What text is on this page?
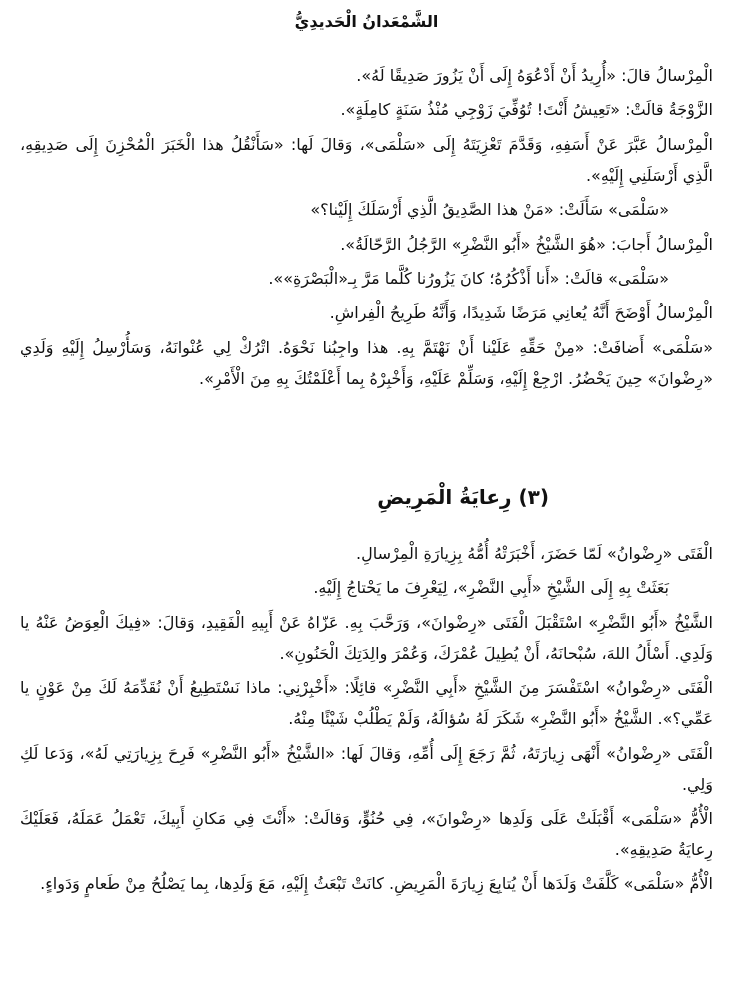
الشَّمْعَدانُ الْحَديدِيُّ

الْمِرْسالُ قالَ: «أُرِيدُ أَنْ أَدْعُوَهُ إِلَى أَنْ يَزُورَ صَدِيقًا لَهُ».

الزَّوْجَةُ قالَتْ: «تَعِيشُ أَنْتَ! تُوُفِّيَ زَوْجِي مُنْذُ سَنَةٍ كامِلَةٍ».

الْمِرْسالُ عَبَّرَ عَنْ أَسَفِهِ، وَقَدَّمَ تَعْزِيَتَهُ إِلَى «سَلْمَى»، وَقالَ لَها: «سَأَنْقُلُ هذا الْخَبَرَ الْمُحْزِنَ إِلَى صَدِيقِهِ، الَّذِي أَرْسَلَنِي إِلَيْهِ».

«سَلْمَى» سَأَلَتْ: «مَنْ هذا الصَّدِيقُ الَّذِي أَرْسَلَكَ إِلَيْنا؟»

الْمِرْسالُ أَجابَ: «هُوَ الشَّيْخُ «أَبُو النَّضْرِ» الرَّجُلُ الرَّحّالَةُ».

«سَلْمَى» قالَتْ: «أَنا أَذْكُرُهُ؛ كانَ يَزُورُنا كُلَّما مَرَّ بِـ«الْبَصْرَةِ»».

الْمِرْسالُ أَوْضَحَ أَنَّهُ يُعانِي مَرَضًا شَدِيدًا، وَأَنَّهُ طَرِيحُ الْفِراشِ.

«سَلْمَى» أَضافَتْ: «مِنْ حَقِّهِ عَلَيْنا أَنْ نَهْتَمَّ بِهِ. هذا واجِبُنا نَحْوَهُ. اتْرُكْ لِي عُنْوانَهُ، وَسَأُرْسِلُ إِلَيْهِ وَلَدِي «رِضْوانَ» حِينَ يَحْضُرُ. ارْجِعْ إِلَيْهِ، وَسَلِّمْ عَلَيْهِ، وَأَخْبِرْهُ بِما أَعْلَمْتُكَ بِهِ مِنَ الْأَمْرِ».

(٣) رِعايَةُ الْمَرِيضِ

الْفَتَى «رِضْوانُ» لَمّا حَضَرَ، أَخْبَرَتْهُ أُمُّهُ بِزِيارَةِ الْمِرْسالِ.

بَعَثَتْ بِهِ إِلَى الشَّيْخِ «أَبِي النَّضْرِ»، لِيَعْرِفَ ما يَحْتاجُ إِلَيْهِ.

الشَّيْخُ «أَبُو النَّضْرِ» اسْتَقْبَلَ الْفَتَى «رِضْوانَ»، وَرَحَّبَ بِهِ. عَزّاهُ عَنْ أَبِيهِ الْفَقِيدِ، وَقالَ: «فِيكَ الْعِوَضُ عَنْهُ يا وَلَدِي. أَسْأَلُ اللهَ، سُبْحانَهُ، أَنْ يُطِيلَ عُمْرَكَ، وَعُمْرَ والِدَتِكَ الْحَنُونِ».

الْفَتَى «رِضْوانُ» اسْتَفْسَرَ مِنَ الشَّيْخِ «أَبِي النَّضْرِ» قائِلًا: «أَخْبِرْنِي: ماذا نَسْتَطِيعُ أَنْ نُقَدِّمَهُ لَكَ مِنْ عَوْنٍ يا عَمِّي؟». الشَّيْخُ «أَبُو النَّضْرِ» شَكَرَ لَهُ سُؤالَهُ، وَلَمْ يَطْلُبْ شَيْئًا مِنْهُ.

الْفَتَى «رِضْوانُ» أَنْهَى زِيارَتَهُ، ثُمَّ رَجَعَ إِلَى أُمِّهِ، وَقالَ لَها: «الشَّيْخُ «أَبُو النَّضْرِ» فَرِحَ بِزِيارَتِي لَهُ»، وَدَعا لَكِ وَلِي.

الْأُمُّ «سَلْمَى» أَقْبَلَتْ عَلَى وَلَدِها «رِضْوانَ»، فِي حُنُوٍّ، وَقالَتْ: «أَنْتَ فِي مَكانِ أَبِيكَ، تَعْمَلُ عَمَلَهُ، فَعَلَيْكَ رِعايَةُ صَدِيقِهِ».

الْأُمُّ «سَلْمَى» كَلَّفَتْ وَلَدَها أَنْ يُتابِعَ زِيارَةَ الْمَرِيضِ. كانَتْ تَبْعَثُ إِلَيْهِ، مَعَ وَلَدِها، بِما يَصْلُحُ مِنْ طَعامٍ وَدَواءٍ.
